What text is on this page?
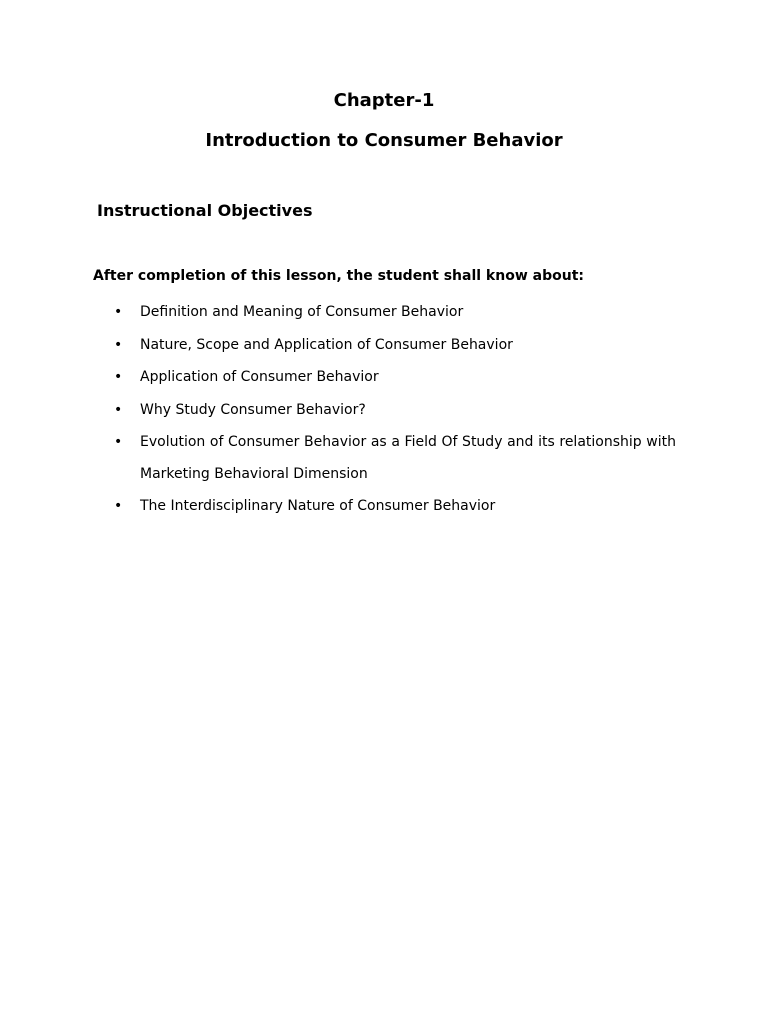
Chapter-1
Introduction to Consumer Behavior
Instructional Objectives
After completion of this lesson, the student shall know about:
• Definition and Meaning of Consumer Behavior
• Nature, Scope and Application of Consumer Behavior
• Application of Consumer Behavior
• Why Study Consumer Behavior?
• Evolution of Consumer Behavior as a Field Of Study and its relationship with Marketing Behavioral Dimension
• The Interdisciplinary Nature of Consumer Behavior
